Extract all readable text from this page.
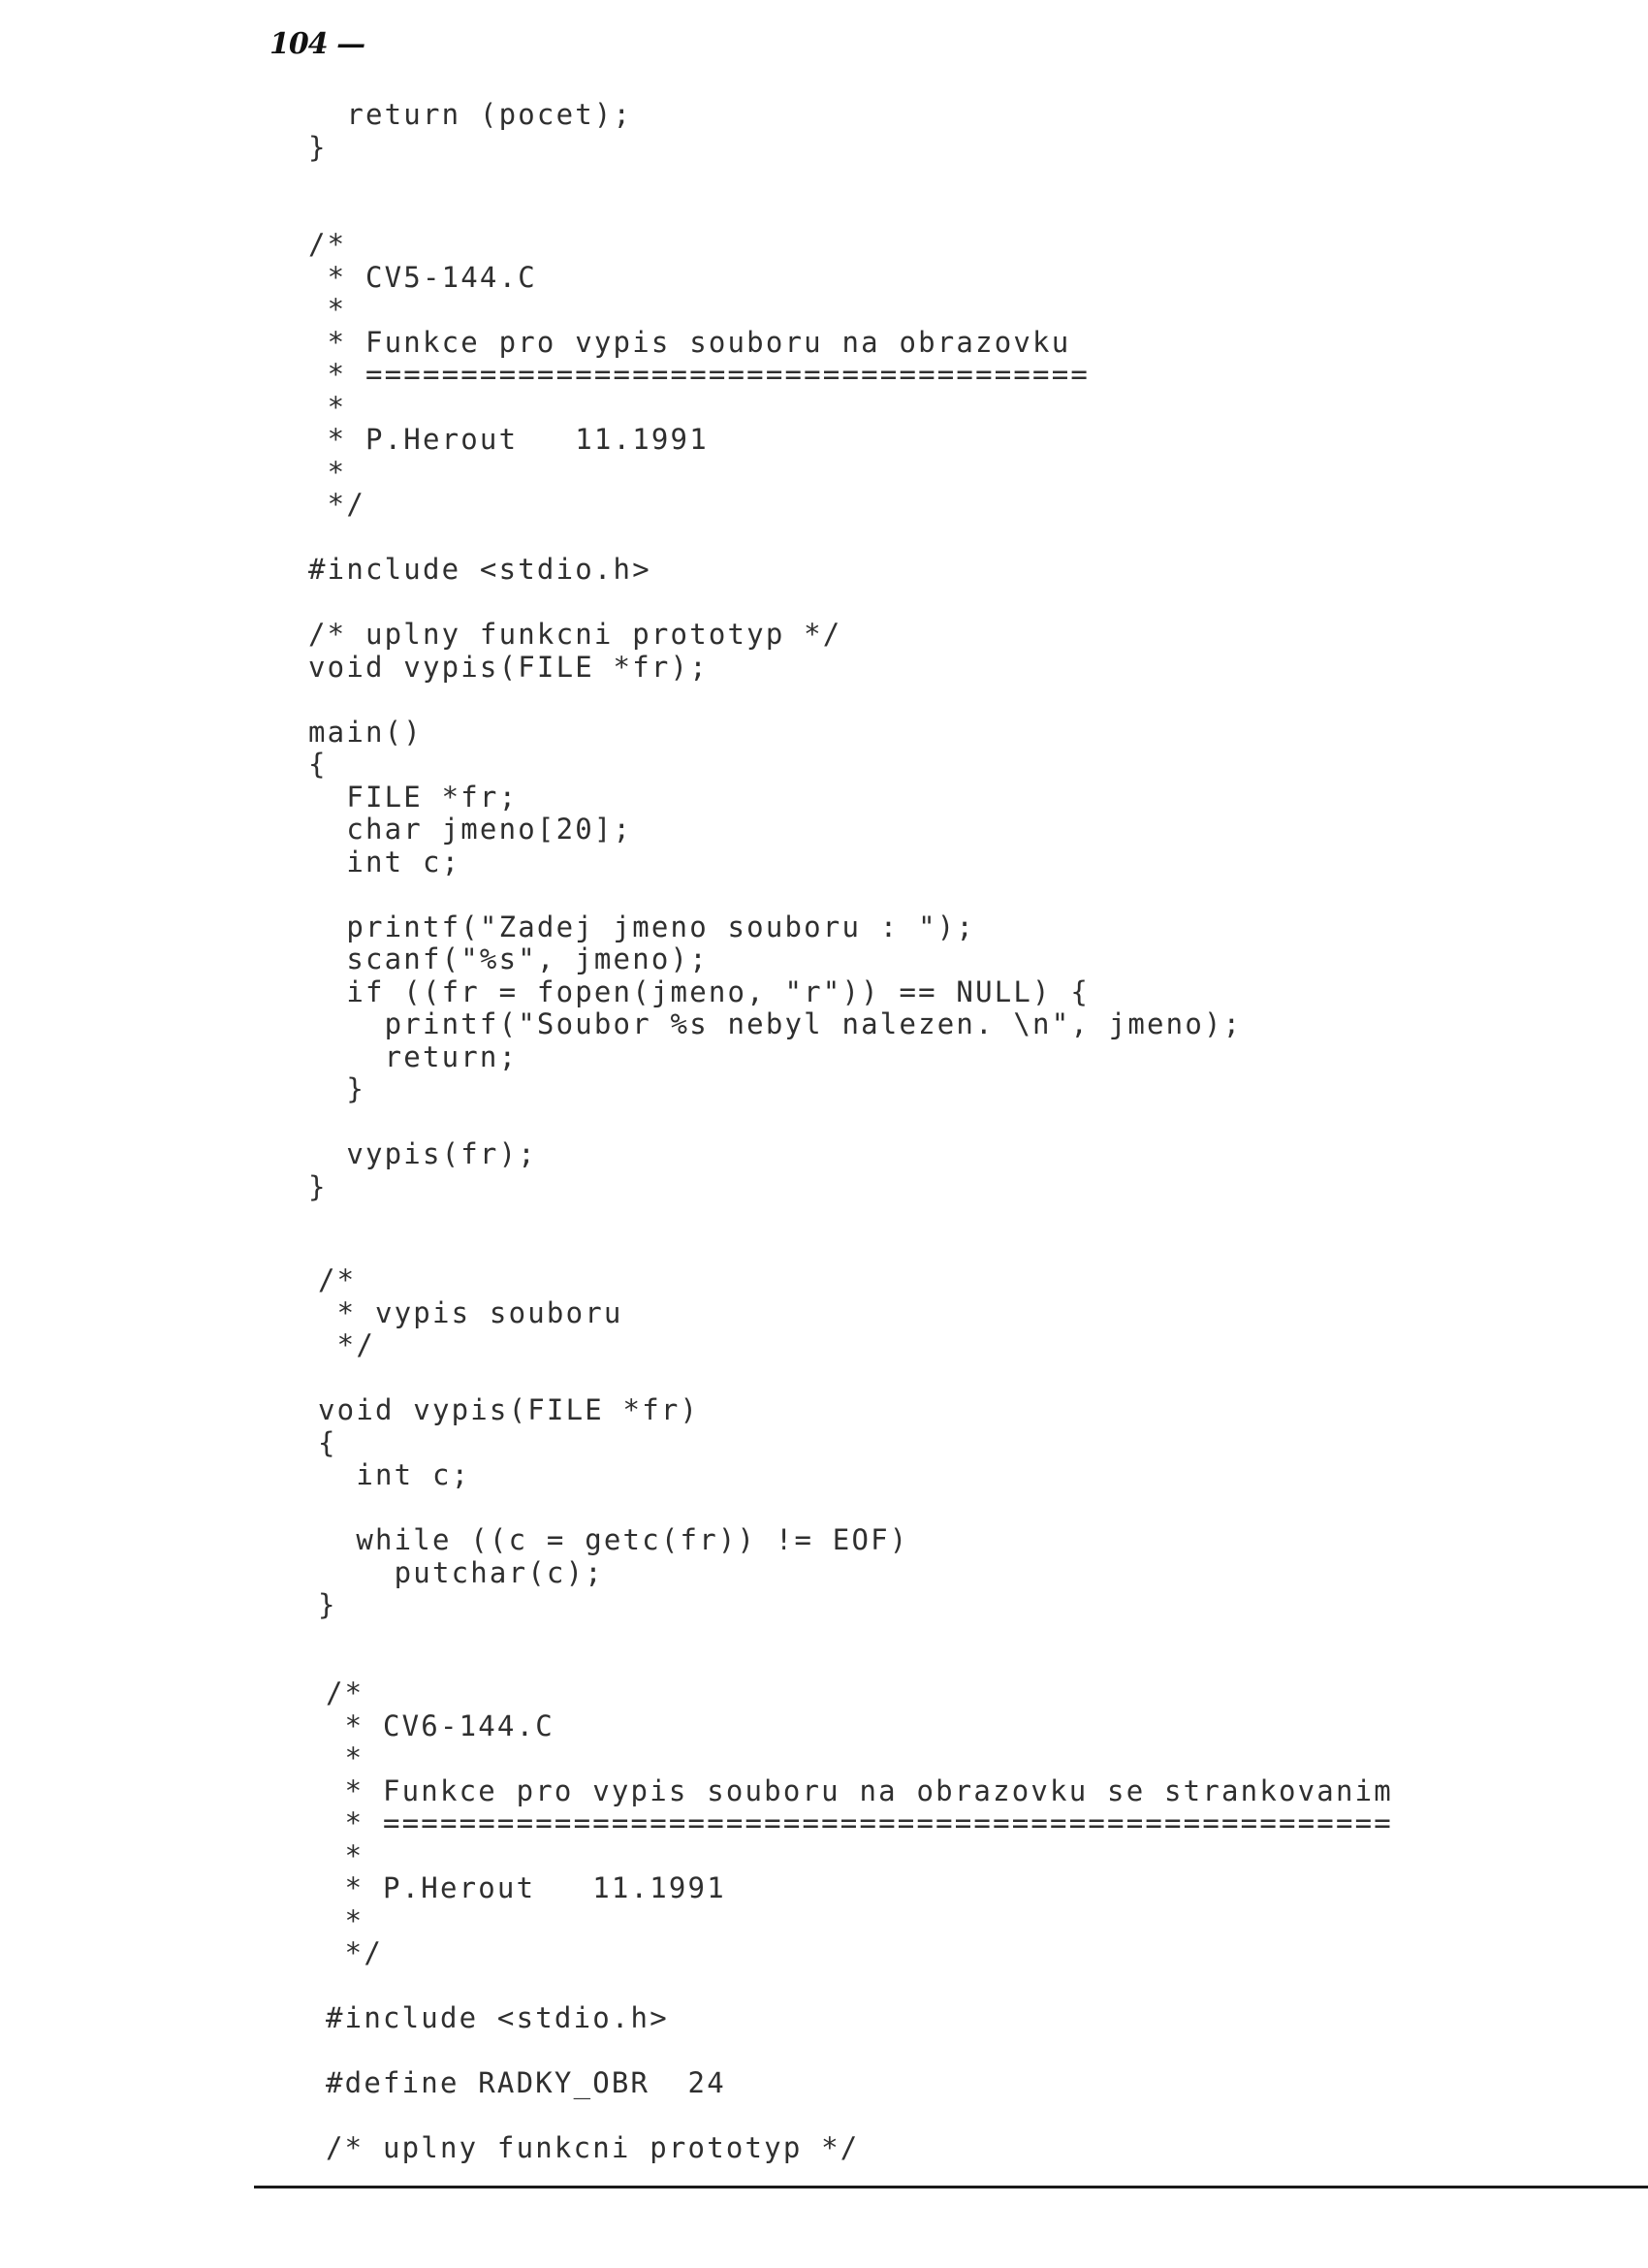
104 —
return (pocet);
}
/*
* CV5-144.C
*
* Funkce pro vypis souboru na obrazovku
* ======================================
*
* P.Herout   11.1991
*
*/
#include <stdio.h>
/* uplny funkcni prototyp */
void vypis(FILE *fr);
main()
{
FILE *fr;
char jmeno[20];
int c;
printf("Zadej jmeno souboru : ");
scanf("%s", jmeno);
if ((fr = fopen(jmeno, "r")) == NULL) {
printf("Soubor %s nebyl nalezen. \n", jmeno);
return;
}
vypis(fr);
}
/*
* vypis souboru
*/
void vypis(FILE *fr)
{
int c;
while ((c = getc(fr)) != EOF)
putchar(c);
}
/*
* CV6-144.C
*
* Funkce pro vypis souboru na obrazovku se strankovanim
* =====================================================
*
* P.Herout   11.1991
*
*/
#include <stdio.h>
#define RADKY_OBR  24
/* uplny funkcni prototyp */
